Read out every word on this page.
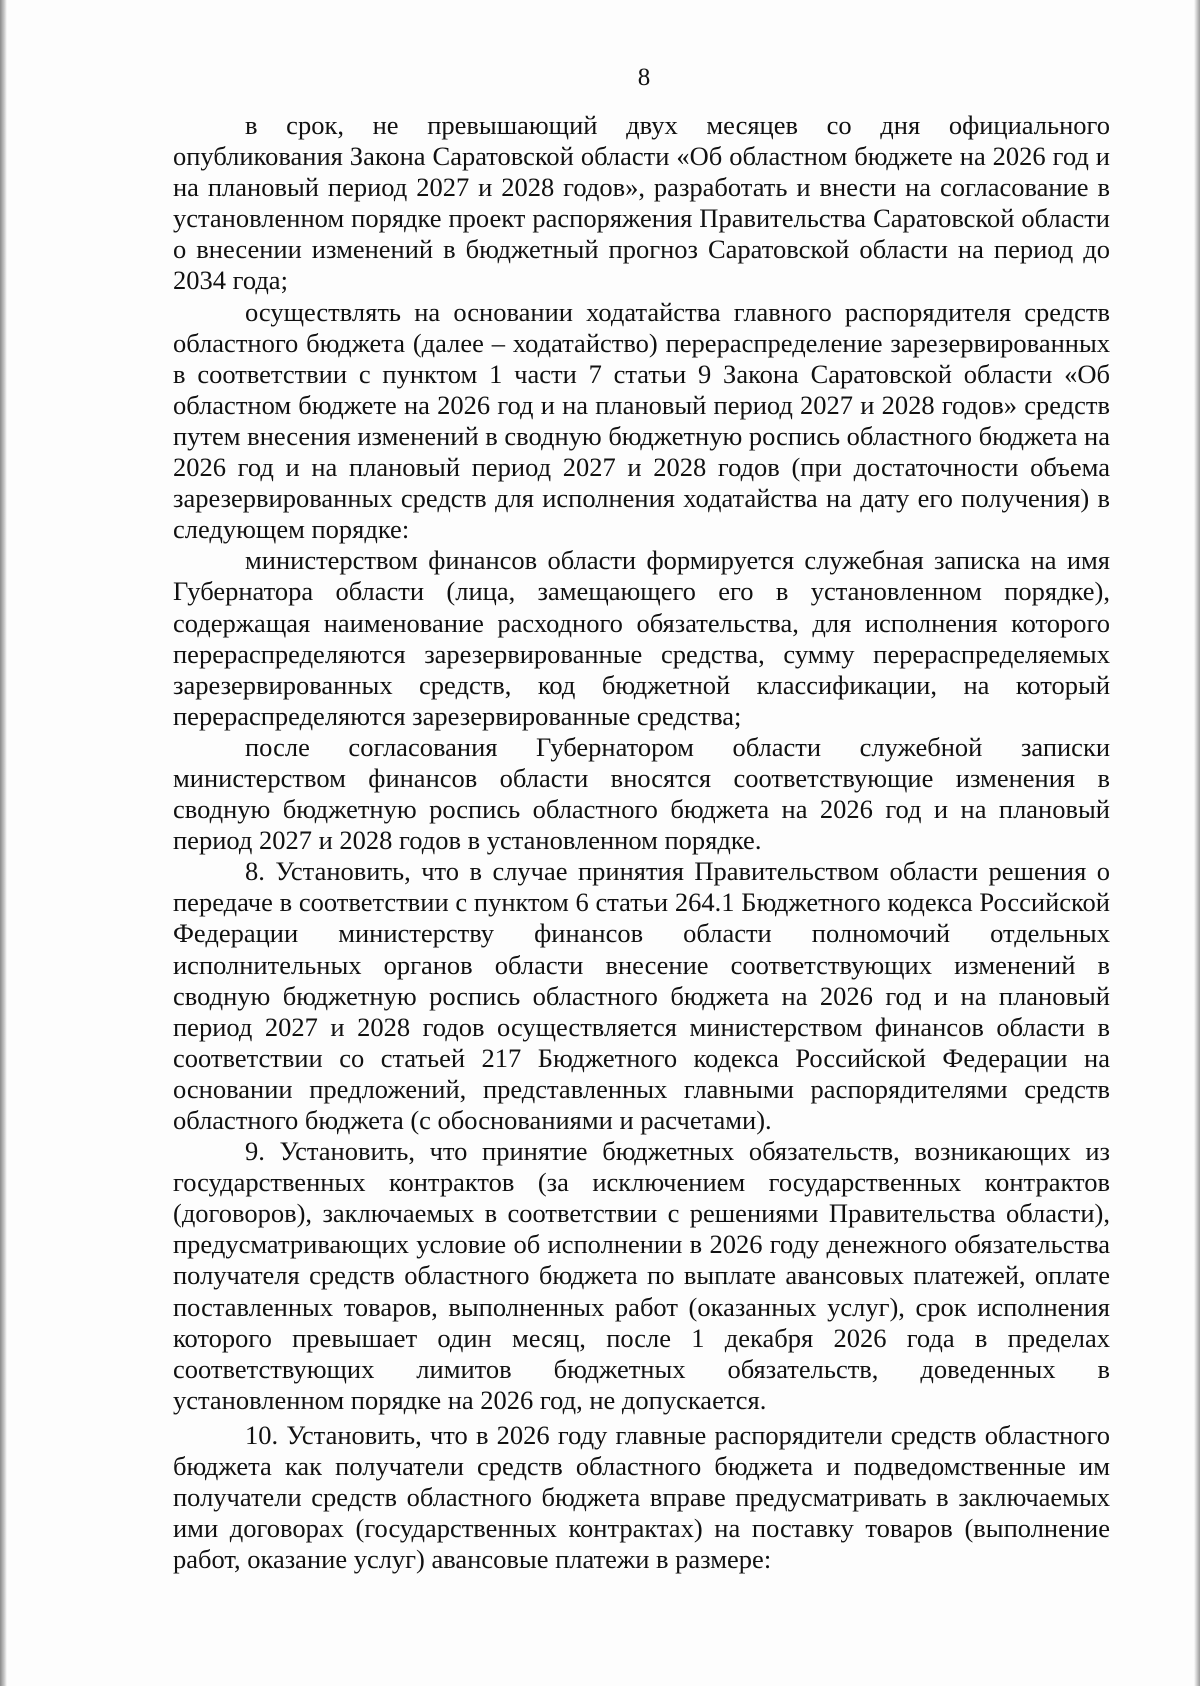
8

в срок, не превышающий двух месяцев со дня официального опубликования Закона Саратовской области «Об областном бюджете на 2026 год и на плановый период 2027 и 2028 годов», разработать и внести на согласование в установленном порядке проект распоряжения Правительства Саратовской области о внесении изменений в бюджетный прогноз Саратовской области на период до 2034 года;

осуществлять на основании ходатайства главного распорядителя средств областного бюджета (далее – ходатайство) перераспределение зарезервированных в соответствии с пунктом 1 части 7 статьи 9 Закона Саратовской области «Об областном бюджете на 2026 год и на плановый период 2027 и 2028 годов» средств путем внесения изменений в сводную бюджетную роспись областного бюджета на 2026 год и на плановый период 2027 и 2028 годов (при достаточности объема зарезервированных средств для исполнения ходатайства на дату его получения) в следующем порядке:

министерством финансов области формируется служебная записка на имя Губернатора области (лица, замещающего его в установленном порядке), содержащая наименование расходного обязательства, для исполнения которого перераспределяются зарезервированные средства, сумму перераспределяемых зарезервированных средств, код бюджетной классификации, на который перераспределяются зарезервированные средства;

после согласования Губернатором области служебной записки министерством финансов области вносятся соответствующие изменения в сводную бюджетную роспись областного бюджета на 2026 год и на плановый период 2027 и 2028 годов в установленном порядке.

8. Установить, что в случае принятия Правительством области решения о передаче в соответствии с пунктом 6 статьи 264.1 Бюджетного кодекса Российской Федерации министерству финансов области полномочий отдельных исполнительных органов области внесение соответствующих изменений в сводную бюджетную роспись областного бюджета на 2026 год и на плановый период 2027 и 2028 годов осуществляется министерством финансов области в соответствии со статьей 217 Бюджетного кодекса Российской Федерации на основании предложений, представленных главными распорядителями средств областного бюджета (с обоснованиями и расчетами).

9. Установить, что принятие бюджетных обязательств, возникающих из государственных контрактов (за исключением государственных контрактов (договоров), заключаемых в соответствии с решениями Правительства области), предусматривающих условие об исполнении в 2026 году денежного обязательства получателя средств областного бюджета по выплате авансовых платежей, оплате поставленных товаров, выполненных работ (оказанных услуг), срок исполнения которого превышает один месяц, после 1 декабря 2026 года в пределах соответствующих лимитов бюджетных обязательств, доведенных в установленном порядке на 2026 год, не допускается.

10. Установить, что в 2026 году главные распорядители средств областного бюджета как получатели средств областного бюджета и подведомственные им получатели средств областного бюджета вправе предусматривать в заключаемых ими договорах (государственных контрактах) на поставку товаров (выполнение работ, оказание услуг) авансовые платежи в размере:
